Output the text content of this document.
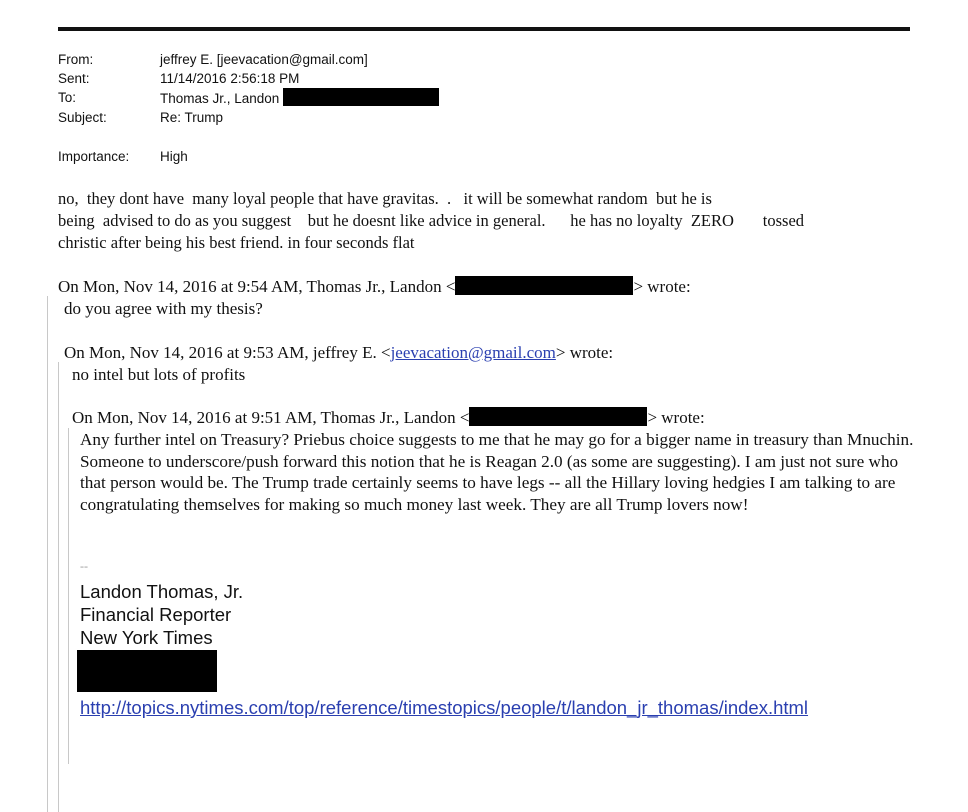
From:	jeffrey E. [jeevacation@gmail.com]
Sent:	11/14/2016 2:56:18 PM
To:	Thomas Jr., Landon
Subject:	Re: Trump
Importance:	High
no,  they dont have  many loyal people that have gravitas.  .   it will be somewhat random  but he is
being  advised to do as you suggest    but he doesnt like advice in general.      he has no loyalty  ZERO       tossed
christic after being his best friend. in four seconds flat
On Mon, Nov 14, 2016 at 9:54 AM, Thomas Jr., Landon <	> wrote:
do you agree with my thesis?
On Mon, Nov 14, 2016 at 9:53 AM, jeffrey E. <jeevacation@gmail.com> wrote:
no intel but lots of profits
On Mon, Nov 14, 2016 at 9:51 AM, Thomas Jr., Landon <	> wrote:
Any further intel on Treasury? Priebus choice suggests to me that he may go for a bigger name in treasury than Mnuchin. Someone to underscore/push forward this notion that he is Reagan 2.0 (as some are suggesting). I am just not sure who that person would be. The Trump trade certainly seems to have legs -- all the Hillary loving hedgies I am talking to are congratulating themselves for making so much money last week. They are all Trump lovers now!
--
Landon Thomas, Jr.
Financial Reporter
New York Times
http://topics.nytimes.com/top/reference/timestopics/people/t/landon_jr_thomas/index.html
